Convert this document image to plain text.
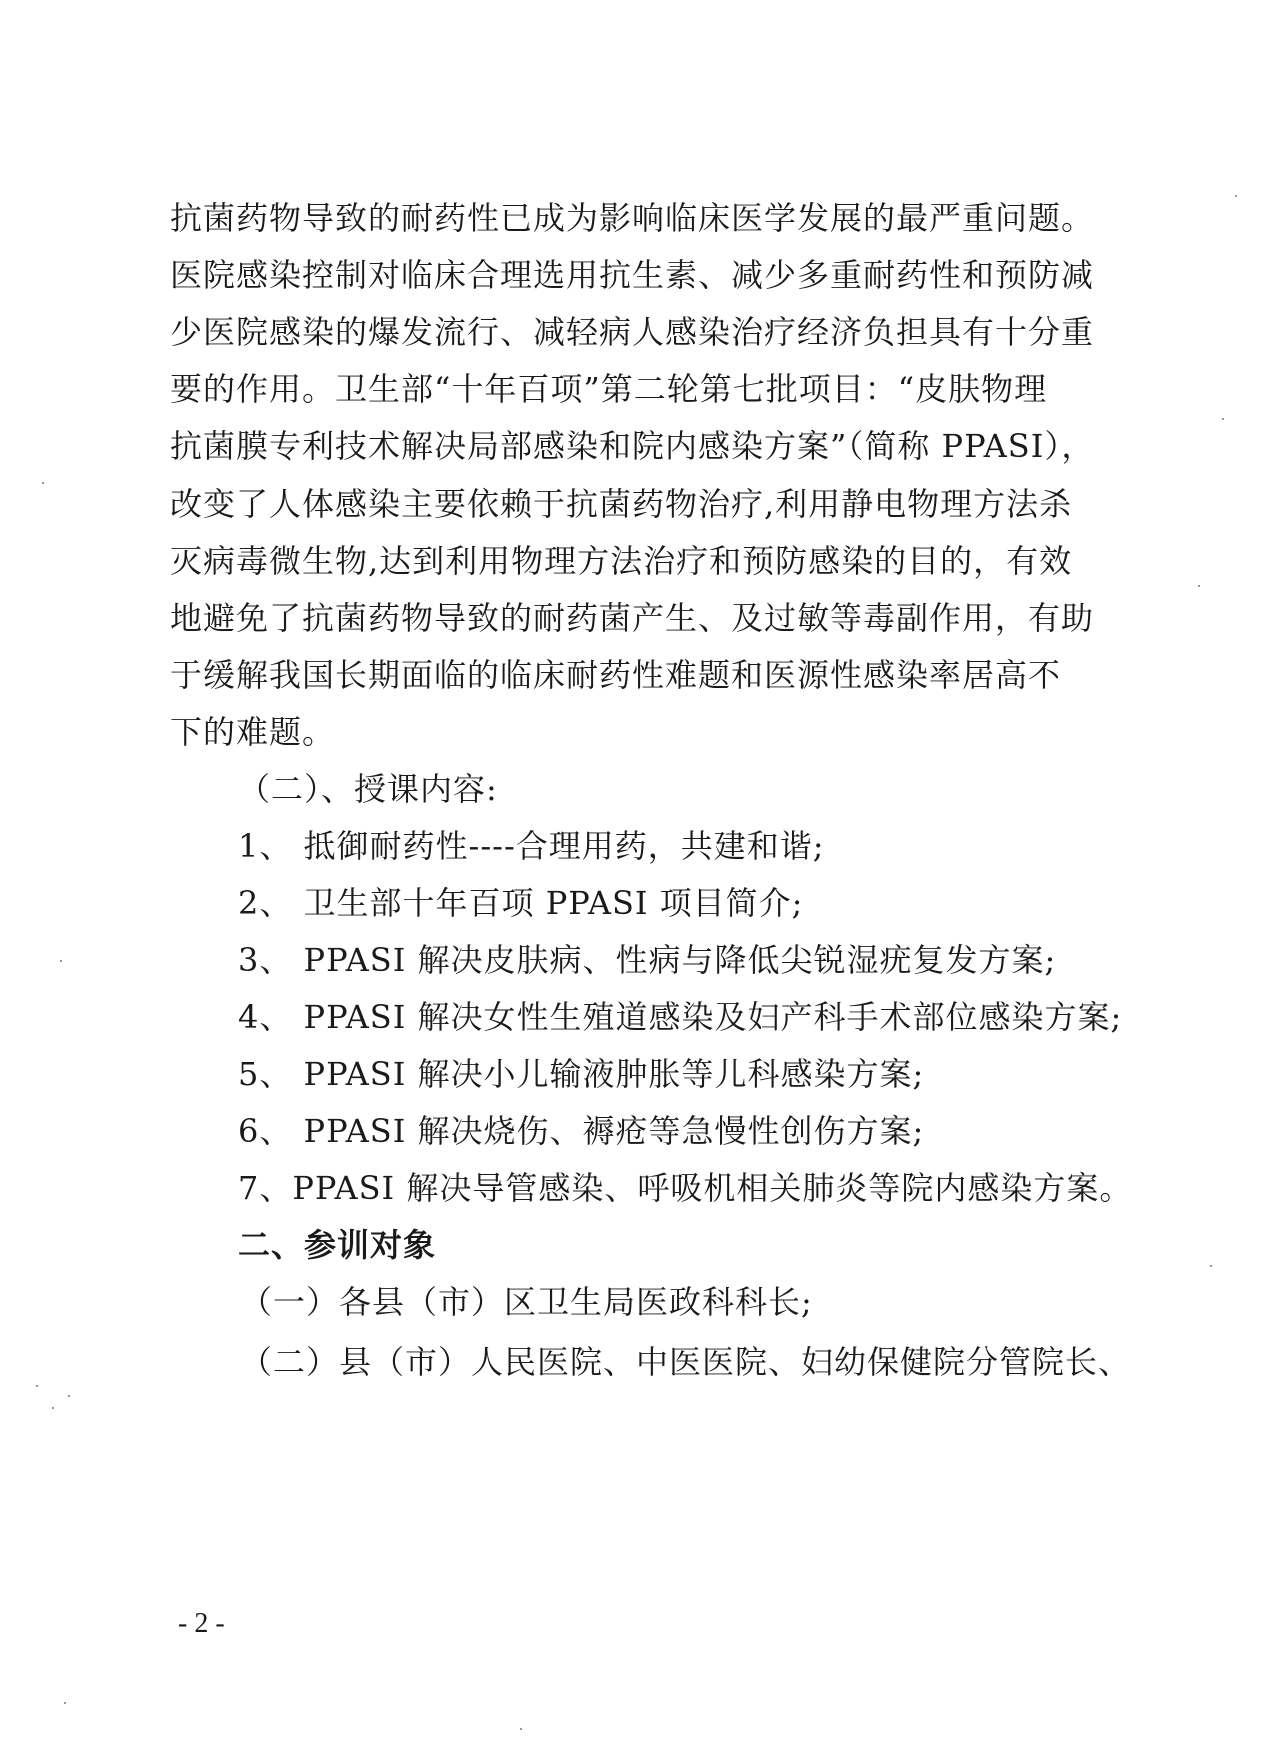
抗菌药物导致的耐药性已成为影响临床医学发展的最严重问题。
医院感染控制对临床合理选用抗生素、减少多重耐药性和预防减
少医院感染的爆发流行、减轻病人感染治疗经济负担具有十分重
要的作用。卫生部“十年百项”第二轮第七批项目：“皮肤物理
抗菌膜专利技术解决局部感染和院内感染方案”（简称 PPASI），
改变了人体感染主要依赖于抗菌药物治疗,利用静电物理方法杀
灭病毒微生物,达到利用物理方法治疗和预防感染的目的，有效
地避免了抗菌药物导致的耐药菌产生、及过敏等毒副作用，有助
于缓解我国长期面临的临床耐药性难题和医源性感染率居高不
下的难题。
（二）、授课内容:
1、 抵御耐药性----合理用药，共建和谐;
2、 卫生部十年百项 PPASI 项目简介;
3、 PPASI 解决皮肤病、性病与降低尖锐湿疣复发方案;
4、 PPASI 解决女性生殖道感染及妇产科手术部位感染方案;
5、 PPASI 解决小儿输液肿胀等儿科感染方案;
6、 PPASI 解决烧伤、褥疮等急慢性创伤方案;
7、PPASI 解决导管感染、呼吸机相关肺炎等院内感染方案。
二、参训对象
（一）各县（市）区卫生局医政科科长;
（二）县（市）人民医院、中医医院、妇幼保健院分管院长、
- 2 -
